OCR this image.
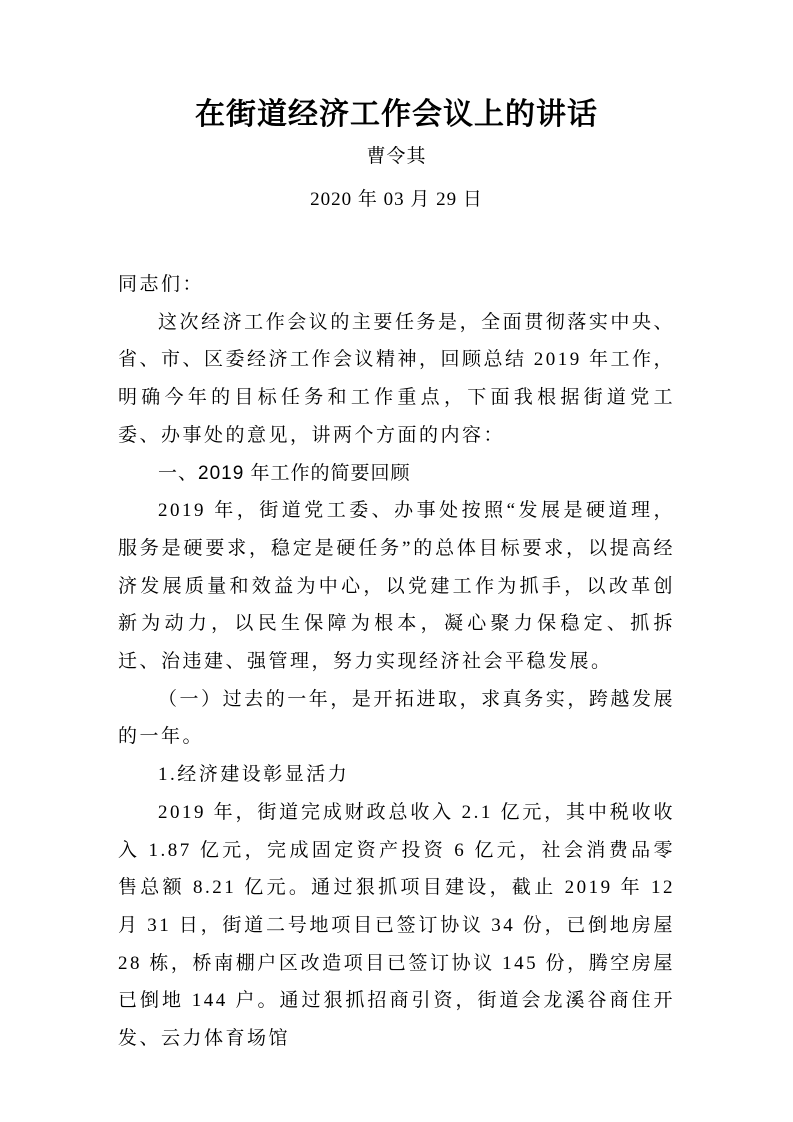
在街道经济工作会议上的讲话
曹令其
2020 年 03 月 29 日

同志们：

这次经济工作会议的主要任务是，全面贯彻落实中央、省、市、区委经济工作会议精神，回顾总结 2019 年工作，明确今年的目标任务和工作重点，下面我根据街道党工委、办事处的意见，讲两个方面的内容：

一、2019 年工作的简要回顾

2019 年，街道党工委、办事处按照“发展是硬道理，服务是硬要求，稳定是硬任务”的总体目标要求，以提高经济发展质量和效益为中心，以党建工作为抓手，以改革创新为动力，以民生保障为根本，凝心聚力保稳定、抓拆迁、治违建、强管理，努力实现经济社会平稳发展。

（一）过去的一年，是开拓进取，求真务实，跨越发展的一年。

1.经济建设彰显活力

2019 年，街道完成财政总收入 2.1 亿元，其中税收收入 1.87 亿元，完成固定资产投资 6 亿元，社会消费品零售总额 8.21 亿元。通过狠抓项目建设，截止 2019 年 12 月 31 日，街道二号地项目已签订协议 34 份，已倒地房屋 28 栋，桥南棚户区改造项目已签订协议 145 份，腾空房屋已倒地 144 户。通过狠抓招商引资，街道会龙溪谷商住开发、云力体育场馆
